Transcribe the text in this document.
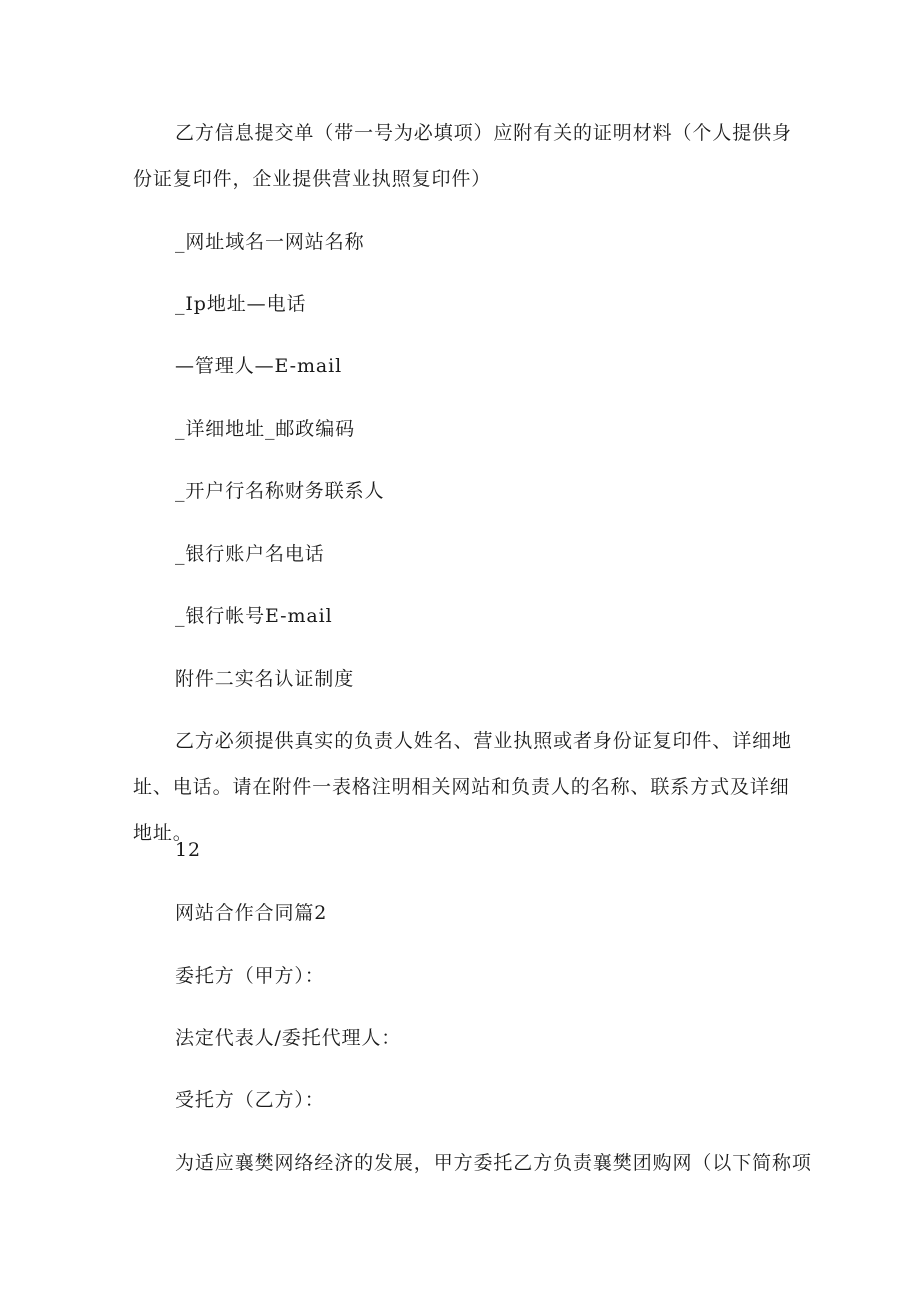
乙方信息提交单（带一号为必填项）应附有关的证明材料（个人提供身份证复印件，企业提供营业执照复印件）

_网址域名一网站名称

_Ip地址—电话

—管理人—E-mail

_详细地址_邮政编码

_开户行名称财务联系人

_银行账户名电话

_银行帐号E-mail

附件二实名认证制度

乙方必须提供真实的负责人姓名、营业执照或者身份证复印件、详细地址、电话。请在附件一表格注明相关网站和负责人的名称、联系方式及详细地址。

12

网站合作合同篇2

委托方（甲方）：

法定代表人/委托代理人：

受托方（乙方）：

为适应襄樊网络经济的发展，甲方委托乙方负责襄樊团购网（以下简称项
